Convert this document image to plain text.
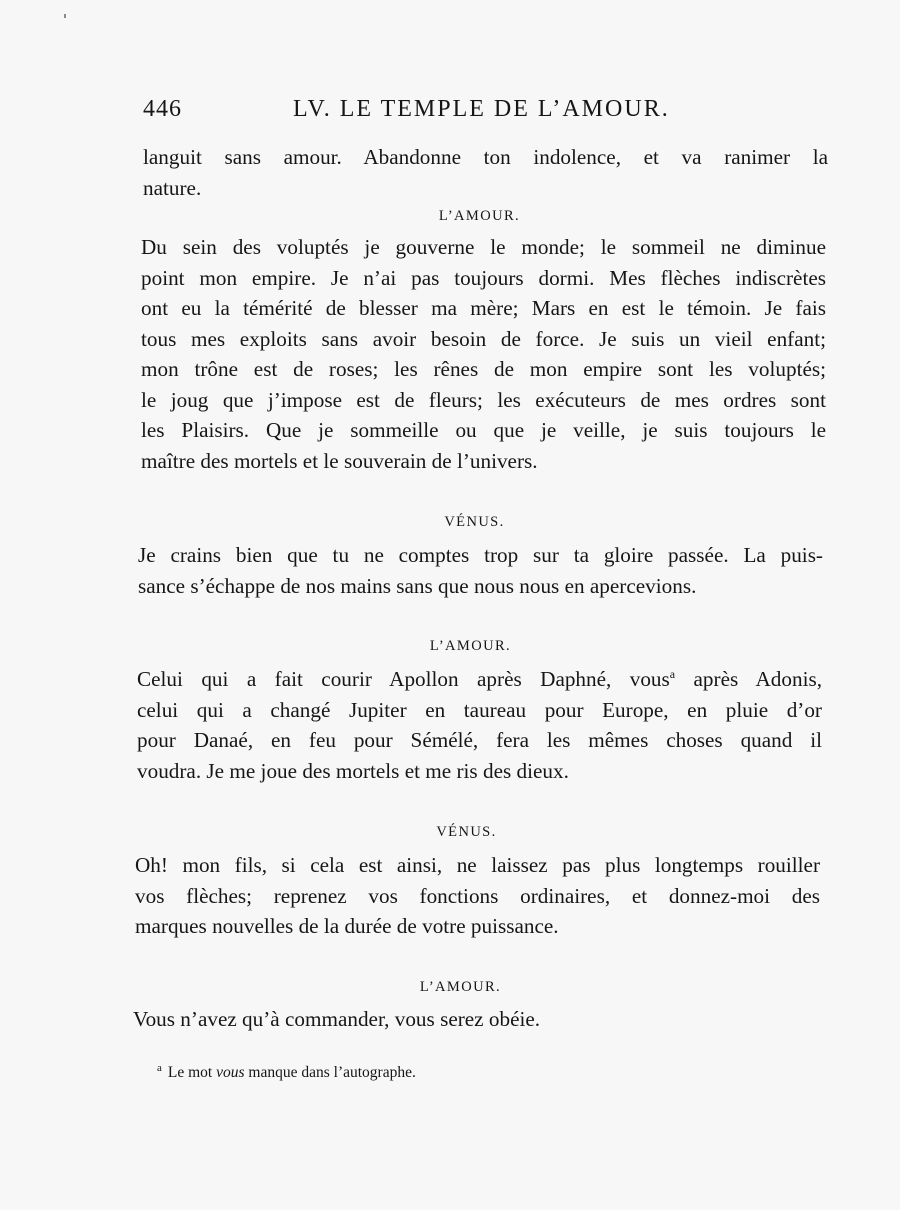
446	LV. LE TEMPLE DE L’AMOUR.
languit sans amour. Abandonne ton indolence, et va ranimer la
nature.
L’AMOUR.
Du sein des voluptés je gouverne le monde; le sommeil ne diminue
point mon empire. Je n’ai pas toujours dormi. Mes flèches indiscrètes
ont eu la témérité de blesser ma mère; Mars en est le témoin. Je fais
tous mes exploits sans avoir besoin de force. Je suis un vieil enfant;
mon trône est de roses; les rênes de mon empire sont les voluptés;
le joug que j’impose est de fleurs; les exécuteurs de mes ordres sont
les Plaisirs. Que je sommeille ou que je veille, je suis toujours le
maître des mortels et le souverain de l’univers.
VÉNUS.
Je crains bien que tu ne comptes trop sur ta gloire passée. La puis-
sance s’échappe de nos mains sans que nous nous en apercevions.
L’AMOUR.
Celui qui a fait courir Apollon après Daphné, vous$^a$ après Adonis,
celui qui a changé Jupiter en taureau pour Europe, en pluie d’or
pour Danaé, en feu pour Sémélé, fera les mêmes choses quand il
voudra. Je me joue des mortels et me ris des dieux.
VÉNUS.
Oh! mon fils, si cela est ainsi, ne laissez pas plus longtemps rouiller
vos flèches; reprenez vos fonctions ordinaires, et donnez-moi des
marques nouvelles de la durée de votre puissance.
L’AMOUR.
Vous n’avez qu’à commander, vous serez obéie.
$^a$ Le mot vous manque dans l’autographe.
